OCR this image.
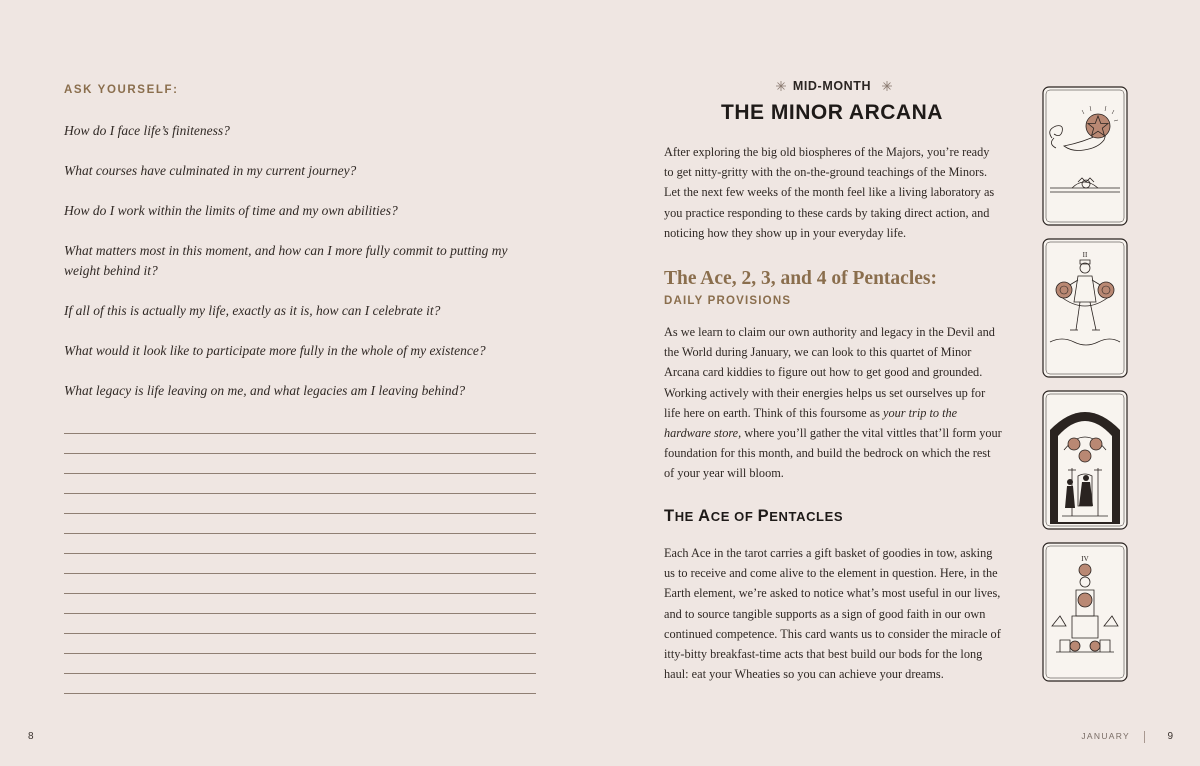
ASK YOURSELF:

How do I face life’s finiteness?

What courses have culminated in my current journey?

How do I work within the limits of time and my own abilities?

What matters most in this moment, and how can I more fully commit to putting my weight behind it?

If all of this is actually my life, exactly as it is, how can I celebrate it?

What would it look like to participate more fully in the whole of my existence?

What legacy is life leaving on me, and what legacies am I leaving behind?

8
MID-MONTH
THE MINOR ARCANA

After exploring the big old biospheres of the Majors, you’re ready to get nitty-gritty with the on-the-ground teachings of the Minors. Let the next few weeks of the month feel like a living laboratory as you practice responding to these cards by taking direct action, and noticing how they show up in your everyday life.

The Ace, 2, 3, and 4 of Pentacles:
DAILY PROVISIONS

As we learn to claim our own authority and legacy in the Devil and the World during January, we can look to this quartet of Minor Arcana card kiddies to figure out how to get good and grounded. Working actively with their energies helps us set ourselves up for life here on earth. Think of this foursome as your trip to the hardware store, where you’ll gather the vital vittles that’ll form your foundation for this month, and build the bedrock on which the rest of your year will bloom.

THE ACE OF PENTACLES

Each Ace in the tarot carries a gift basket of goodies in tow, asking us to receive and come alive to the element in question. Here, in the Earth element, we’re asked to notice what’s most useful in our lives, and to source tangible supports as a sign of good faith in our own continued competence. This card wants us to consider the miracle of itty-bitty breakfast-time acts that best build our bods for the long haul: eat your Wheaties so you can achieve your dreams.

II
IV
JANUARY	9
